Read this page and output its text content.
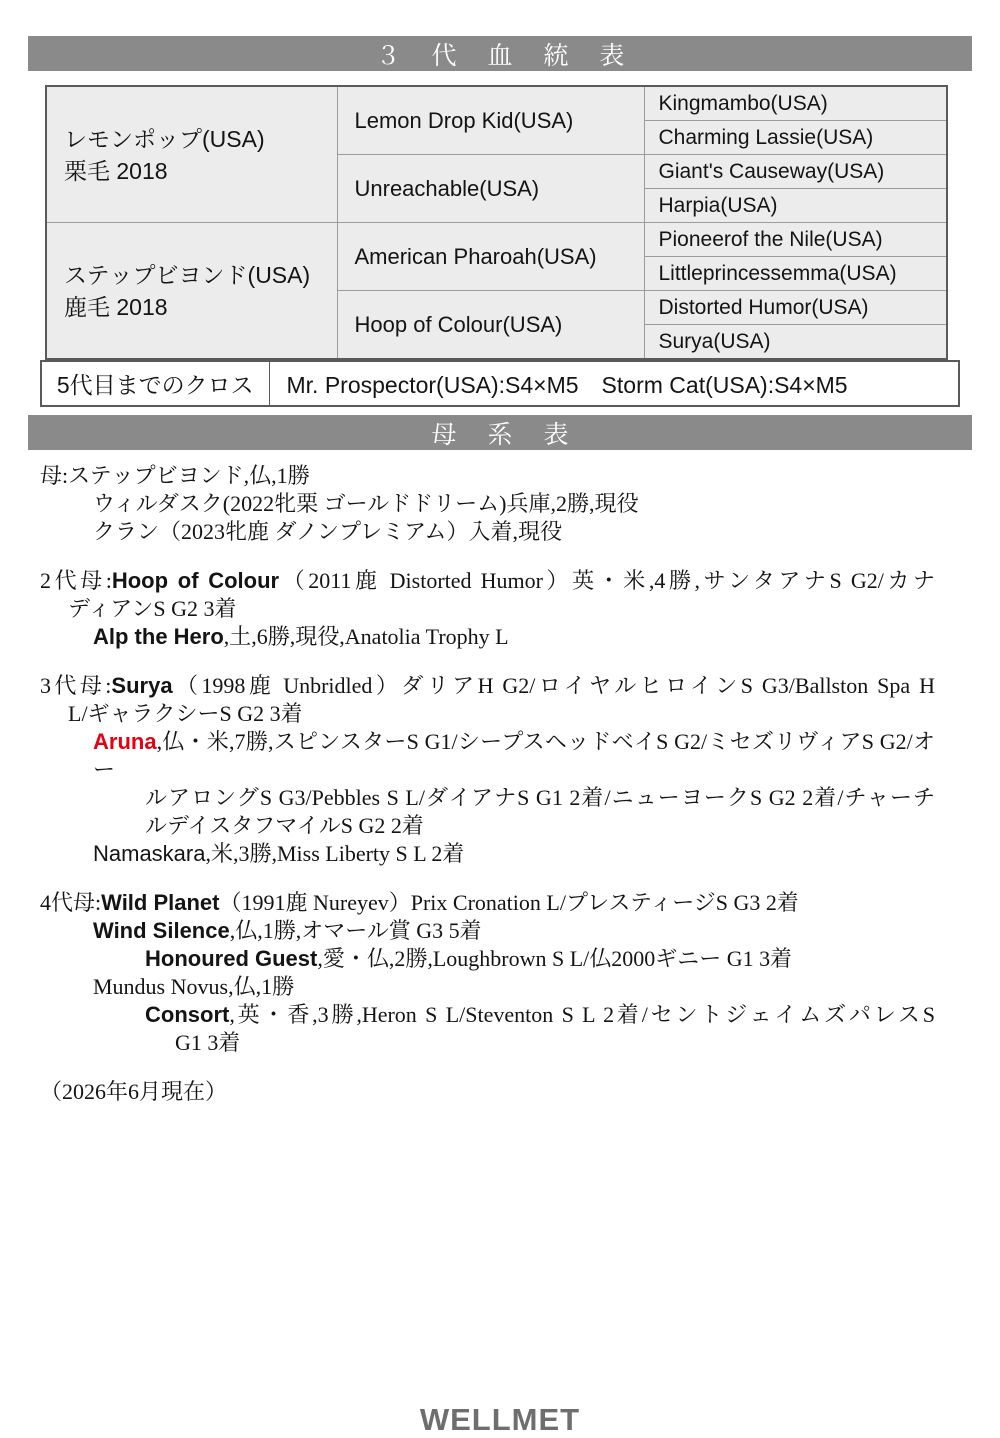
３ 代 血 統 表
レモンポップ(USA)
栗毛 2018	Lemon Drop Kid(USA)	Kingmambo(USA)
		Charming Lassie(USA)
	Unreachable(USA)	Giant's Causeway(USA)
		Harpia(USA)

ステップビヨンド(USA)
鹿毛 2018	American Pharoah(USA)	Pioneerof the Nile(USA)
		Littleprincessemma(USA)
	Hoop of Colour(USA)	Distorted Humor(USA)
		Surya(USA)
5代目までのクロス	Mr. Prospector(USA):S4×M5　Storm Cat(USA):S4×M5
母 系 表
母:ステップビヨンド,仏,1勝
ウィルダスク(2022牝栗 ゴールドドリーム)兵庫,2勝,現役
クラン（2023牝鹿 ダノンプレミアム）入着,現役
2代母:Hoop of Colour（2011鹿 Distorted Humor）英・米,4勝,サンタアナS G2/カナ
ディアンS G2 3着
Alp the Hero,土,6勝,現役,Anatolia Trophy L
3代母:Surya（1998鹿 Unbridled）ダリアH G2/ロイヤルヒロインS G3/Ballston Spa H
L/ギャラクシーS G2 3着
Aruna,仏・米,7勝,スピンスターS G1/シープスヘッドベイS G2/ミセズリヴィアS G2/オー
ルアロングS G3/Pebbles S L/ダイアナS G1 2着/ニューヨークS G2 2着/チャーチ
ルデイスタフマイルS G2 2着
Namaskara,米,3勝,Miss Liberty S L 2着
4代母:Wild Planet（1991鹿 Nureyev）Prix Cronation L/プレスティージS G3 2着
Wind Silence,仏,1勝,オマール賞 G3 5着
Honoured Guest,愛・仏,2勝,Loughbrown S L/仏2000ギニー G1 3着
Mundus Novus,仏,1勝
Consort,英・香,3勝,Heron S L/Steventon S L 2着/セントジェイムズパレスS
G1 3着
（2026年6月現在）
WELLMET
